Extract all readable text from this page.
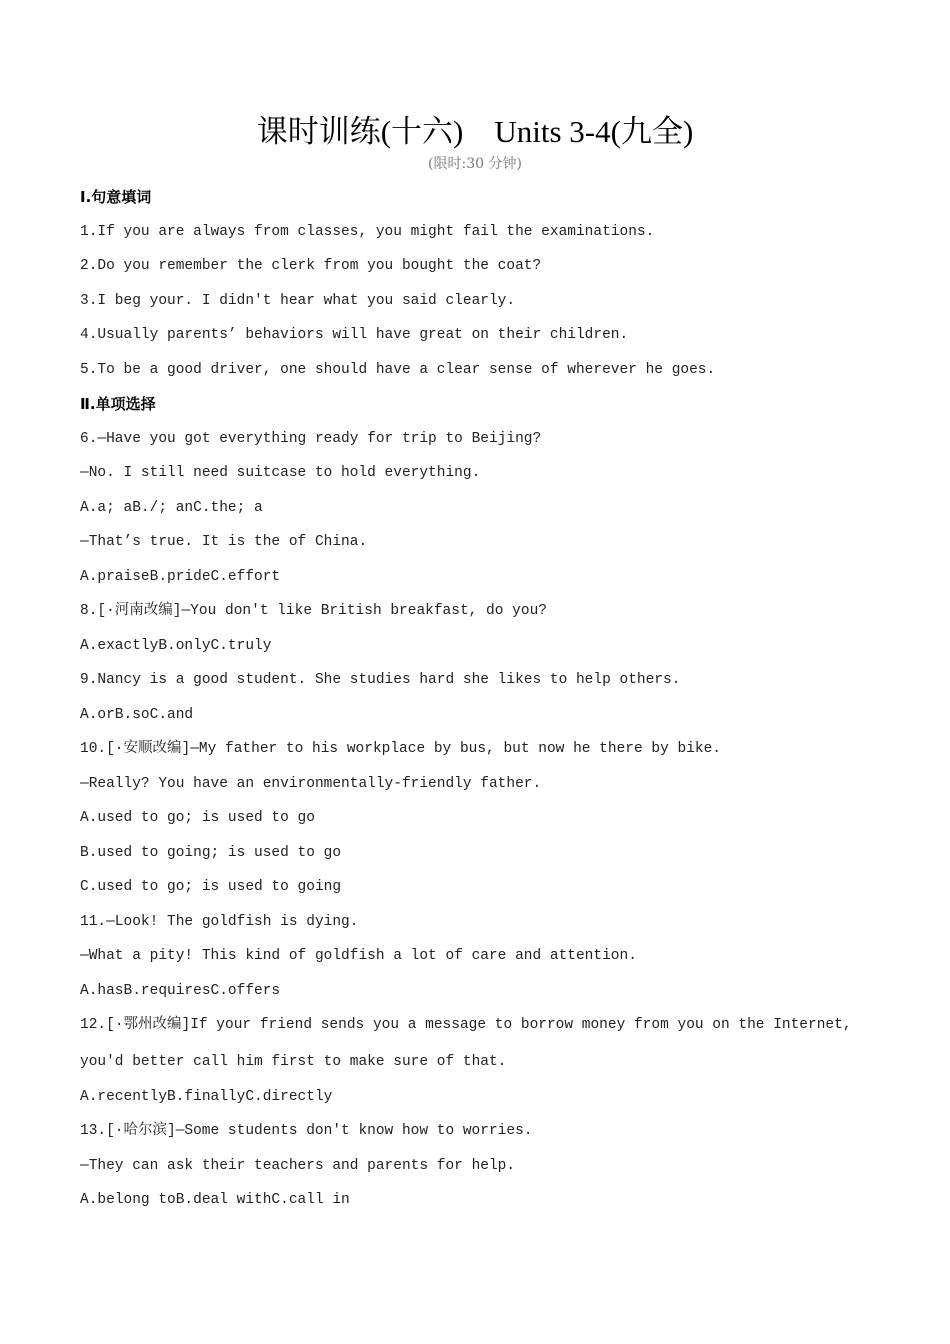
课时训练(十六)    Units 3-4(九全)
(限时:30 分钟)
Ⅰ.句意填词
1.If you are always from classes, you might fail the examinations.
2.Do you remember the clerk from you bought the coat?
3.I beg your. I didn't hear what you said clearly.
4.Usually parents’ behaviors will have great on their children.
5.To be a good driver, one should have a clear sense of wherever he goes.
Ⅱ.单项选择
6.—Have you got everything ready for trip to Beijing?
—No. I still need suitcase to hold everything.
A.a; aB./; anC.the; a
—That’s true. It is the of China.
A.praiseB.prideC.effort
8.[·河南改编]—You don't like British breakfast, do you?
A.exactlyB.onlyC.truly
9.Nancy is a good student. She studies hard she likes to help others.
A.orB.soC.and
10.[·安顺改编]—My father to his workplace by bus, but now he there by bike.
—Really? You have an environmentally-friendly father.
A.used to go; is used to go
B.used to going; is used to go
C.used to go; is used to going
11.—Look! The goldfish is dying.
—What a pity! This kind of goldfish a lot of care and attention.
A.hasB.requiresC.offers
12.[·鄂州改编]If your friend sends you a message to borrow money from you on the Internet,
you'd better call him first to make sure of that.
A.recentlyB.finallyC.directly
13.[·哈尔滨]—Some students don't know how to worries.
—They can ask their teachers and parents for help.
A.belong toB.deal withC.call in
